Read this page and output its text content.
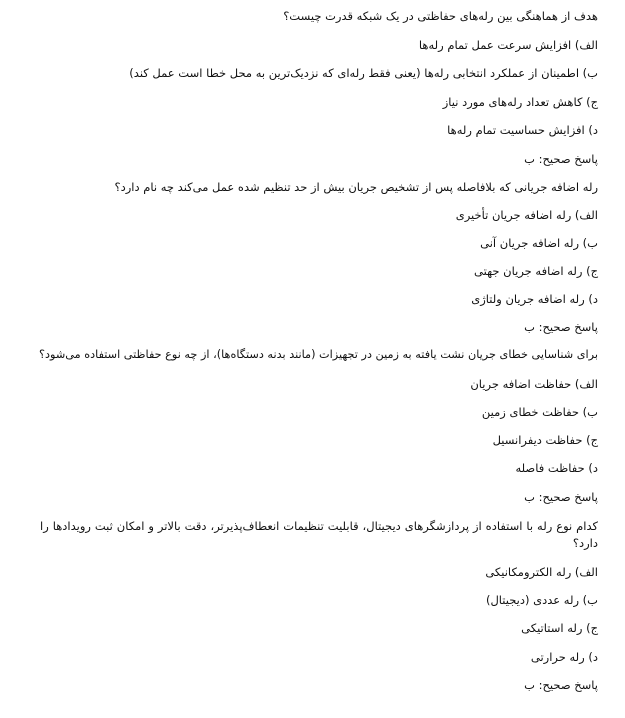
هدف از هماهنگی بین رله‌های حفاظتی در یک شبکه قدرت چیست؟
الف) افزایش سرعت عمل تمام رله‌ها
ب) اطمینان از عملکرد انتخابی رله‌ها (یعنی فقط رله‌ای که نزدیک‌ترین به محل خطا است عمل کند)
ج) کاهش تعداد رله‌های مورد نیاز
د) افزایش حساسیت تمام رله‌ها
پاسخ صحیح: ب
رله اضافه جریانی که بلافاصله پس از تشخیص جریان بیش از حد تنظیم شده عمل می‌کند چه نام دارد؟
الف) رله اضافه جریان تأخیری
ب) رله اضافه جریان آنی
ج) رله اضافه جریان جهتی
د) رله اضافه جریان ولتاژی
پاسخ صحیح: ب
برای شناسایی خطای جریان نشت یافته به زمین در تجهیزات (مانند بدنه دستگاه‌ها)، از چه نوع حفاظتی استفاده می‌شود؟
الف) حفاظت اضافه جریان
ب) حفاظت خطای زمین
ج) حفاظت دیفرانسیل
د) حفاظت فاصله
پاسخ صحیح: ب
کدام نوع رله با استفاده از پردازشگرهای دیجیتال، قابلیت تنظیمات انعطاف‌پذیرتر، دقت بالاتر و امکان ثبت رویدادها را دارد؟
الف) رله الکترومکانیکی
ب) رله عددی (دیجیتال)
ج) رله استاتیکی
د) رله حرارتی
پاسخ صحیح: ب
